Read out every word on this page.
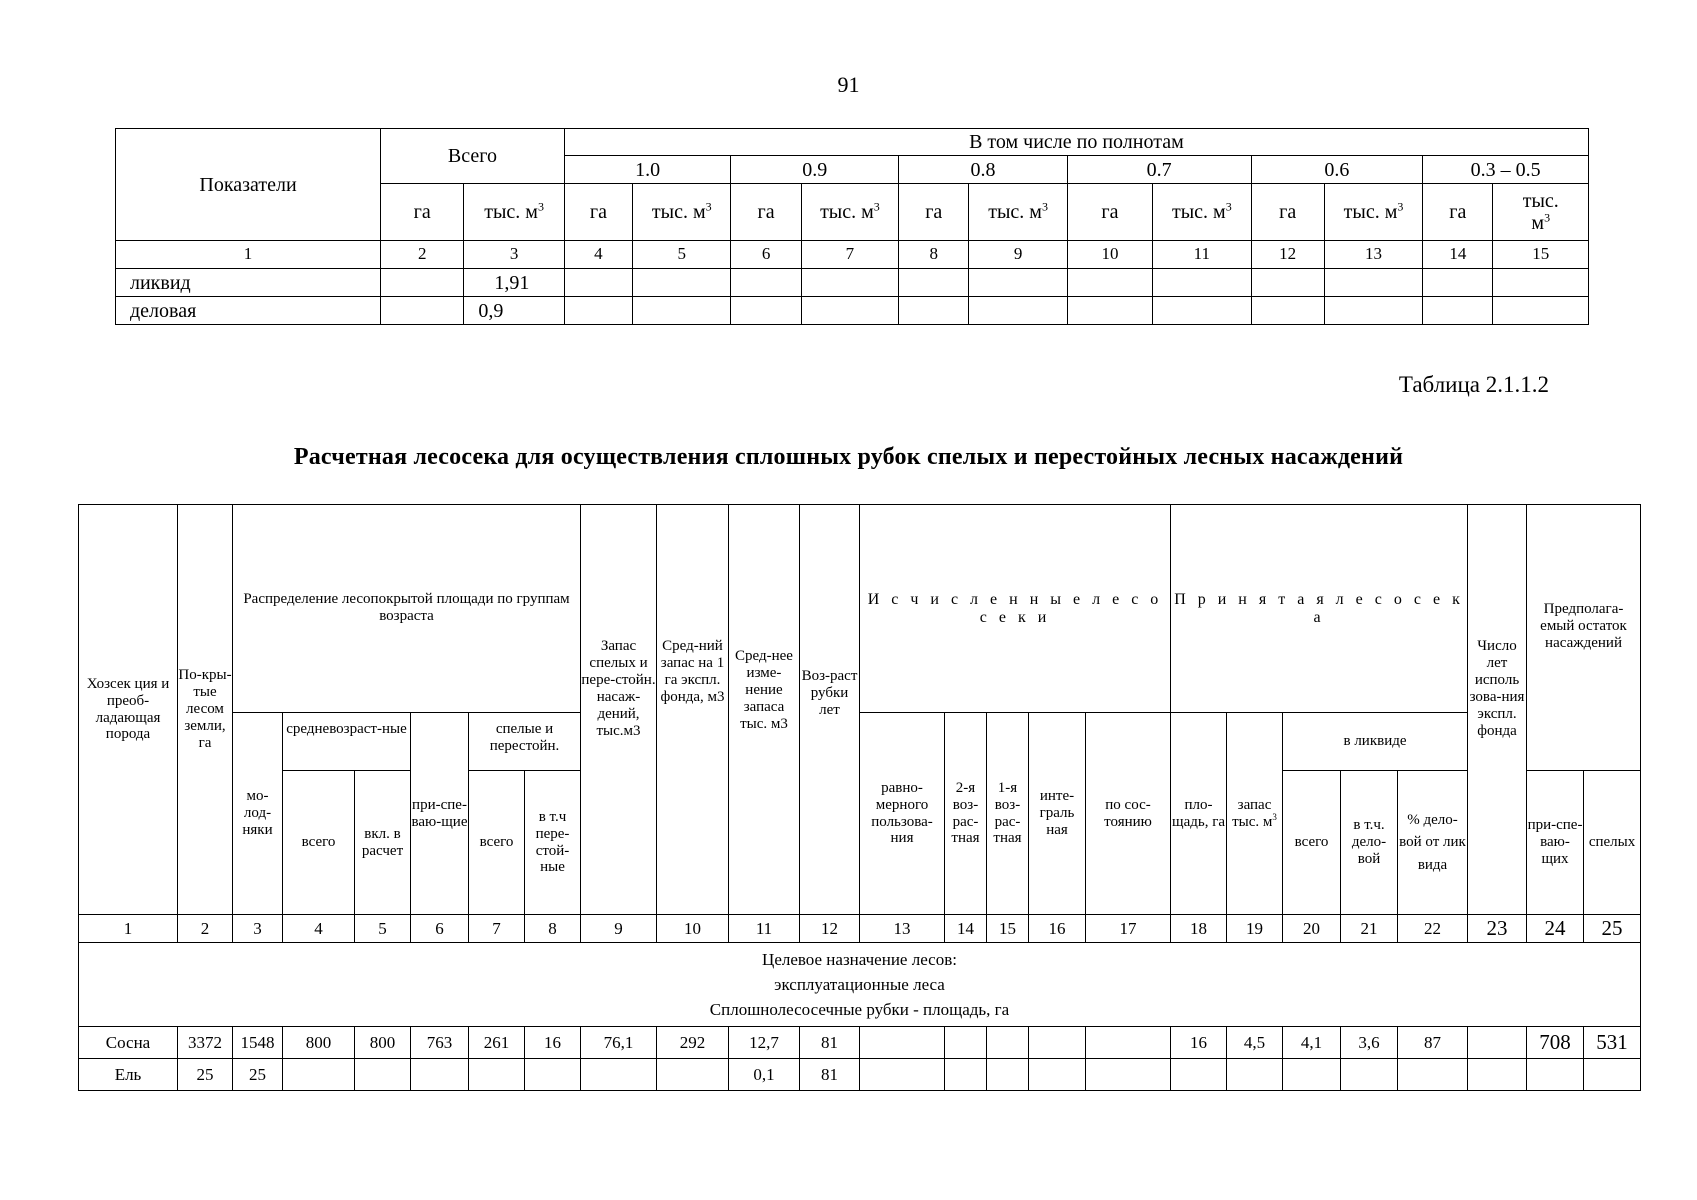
91
Показатели	Всего		В том числе по полнотам											
			1.0		0.9		0.8		0.7		0.6		0.3 – 0.5	
	га	тыс. $м^3$	га	тыс. $м^3$	га	тыс. $м^3$	га	тыс. $м^3$	га	тыс. $м^3$	га	тыс. $м^3$	га	тыс.
$м^3$
1	2	3	4	5	6	7	8	9	10	11	12	13	14	15
ликвид		1,91												
деловая		0,9												
Таблица 2.1.1.2
Расчетная лесосека для осуществления сплошных рубок спелых и перестойных лесных насаждений
Хозсек ция и преоб-ладающая порода	По-кры-тые лесом земли, га	Распределение лесопокрытой площади по группам возраста						Запас спелых и пере-стойн. насаж-дений, тыс.м3	Сред-ний запас на 1 га экспл. фонда, м3	Сред-нее изме-нение запаса тыс. м3	Воз-раст рубки лет	И с ч и с л е н н ы е л е с о с е к и					П р и н я т а я л е с о с е к а					Число лет исполь зова-ния экспл. фонда	Предполага-емый остаток насаждений	
		мо-лод-няки	средневозраст-ные		при-спе-ваю-щие	спелые и перестойн.						равно-мерного пользова-ния	2-я воз-рас-тная	1-я воз-рас-тная	инте-граль ная	по сос-тоянию	пло-щадь, га	запас тыс. $м^3$	в ликвиде					

			всего	вкл. в расчет		всего	в т.ч пере-стой-ные												всего	в т.ч. дело-вой	% дело-вой от лик вида		при-спе-ваю-щих	спелых
1	2	3	4	5	6	7	8	9	10	11	12	13	14	15	16	17	18	19	20	21	22	23	24	25

Целевое назначение лесов:
эксплуатационные леса
Сплошнолесосечные рубки - площадь, га																								

Сосна	3372	1548	800	800	763	261	16	76,1	292	12,7	81						16	4,5	4,1	3,6	87		708	531
Ель	25	25								0,1	81													
